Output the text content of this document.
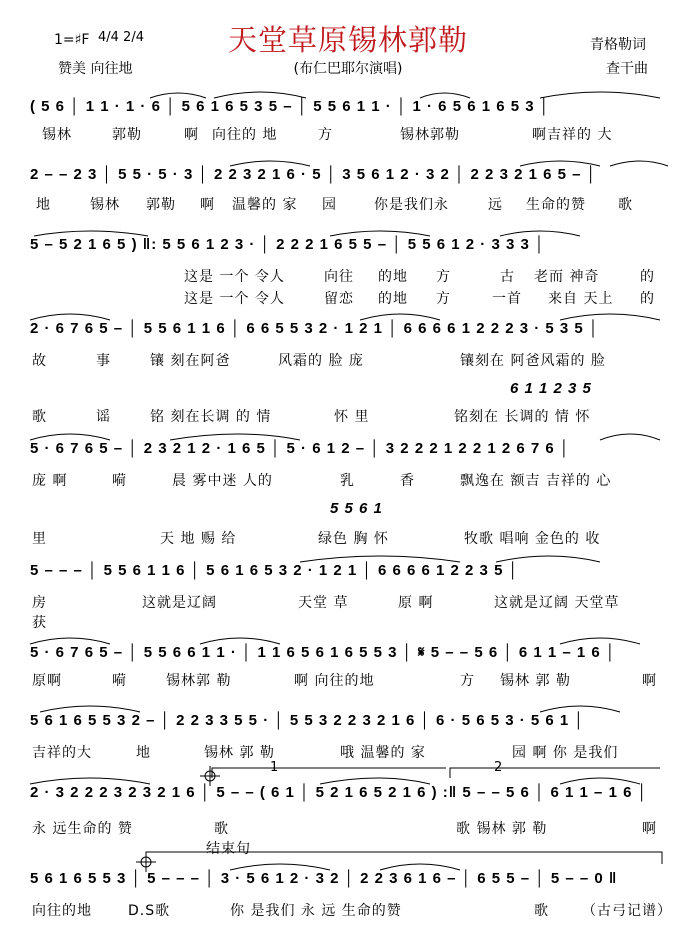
1=♯F 4/4 2/4	天堂草原锡林郭勒	青格勒词
赞美 向往地	(布仁巴耶尔演唱)	查干曲
( 5 6 │ 1 1 · 1 · 6 │ 5 6 1 6 5 3 5 – │ 5 5 6 1 1 · │ 1 · 6 5 6 1 6 5 3 │
锡林	郭勒	啊 向往的 地	方	锡林郭勒	啊吉祥的 大
2 – – 2 3 │ 5 5 · 5 · 3 │ 2 2 3 2 1 6 · 5 │ 3 5 6 1 2 · 3 2 │ 2 2 3 2 1 6 5 – │
地	锡林 郭勒 啊 温馨的 家 园	你是我们永	远 生命的赞 歌
5 – 5 2 1 6 5 ) ‖: 5 5 6 1 2 3 · │ 2 2 2 1 6 5 5 – │ 5 5 6 1 2 · 3 3 3 │
这是 一个 令人	向往 的地 方	古 老而 神奇	的
这是 一个 令人	留恋 的地 方	一首 来自 天上 的
2 · 6 7 6 5 – │ 5 5 6 1 1 6 │ 6 6 5 5 3 2 · 1 2 1 │ 6 6 6 6 1 2 2 2 3 · 5 3 5 │
故	事	镶 刻在阿爸	风霜的 脸 庞	镶刻在 阿爸风霜的 脸
6 1 1 2 3 5
歌	谣	铭 刻在长调 的 情	怀 里	铭刻在 长调的 情 怀
5 · 6 7 6 5 – │ 2 3 2 1 2 · 1 6 5 │ 5 · 6 1 2 – │ 3 2 2 2 1 2 2 1 2 6 7 6 │
庞 啊	嗬	晨 雾中迷 人的	乳	香	飘逸在 额吉 吉祥的 心
5 5 6 1
里	天 地 赐 给	绿色 胸 怀	牧歌 唱响 金色的 收
5 – – – │ 5 5 6 1 1 6 │ 5 6 1 6 5 3 2 · 1 2 1 │ 6 6 6 6 1 2 2 3 5 │
房	这就是辽阔	天堂 草	原 啊	这就是辽阔 天堂草
获
5 · 6 7 6 5 – │ 5 5 6 6 1 1 · │ 1 1 6 5 6 1 6 5 5 3 │ 𝄋 5 – – 5 6 │ 6 1 1 – 1 6 │
原啊	嗬	锡林郭 勒	啊 向往的地	方 锡林 郭 勒	啊
5 6 1 6 5 5 3 2 – │ 2 2 3 3 5 5 · │ 5 5 3 2 2 3 2 1 6 │ 6 · 5 6 5 3 · 5 6 1 │
吉祥的大	地	锡林 郭 勒	哦 温馨的 家	园 啊 你 是我们
1	2
2 · 3 2 2 2 3 2 3 2 1 6 │ 5 – – ( 6 1 │ 5 2 1 6 5 2 1 6 ) :‖ 5 – – 5 6 │ 6 1 1 – 1 6 │
永 远生命的 赞	歌	歌 锡林 郭 勒	啊
结束句
5 6 1 6 5 5 3 │ 5 – – – │ 3 · 5 6 1 2 · 3 2 │ 2 2 3 6 1 6 – │ 6 5 5 – │ 5 – – 0 ‖
向往的地	D.S歌	你 是我们 永 远 生命的赞	歌 （古弓记谱）
